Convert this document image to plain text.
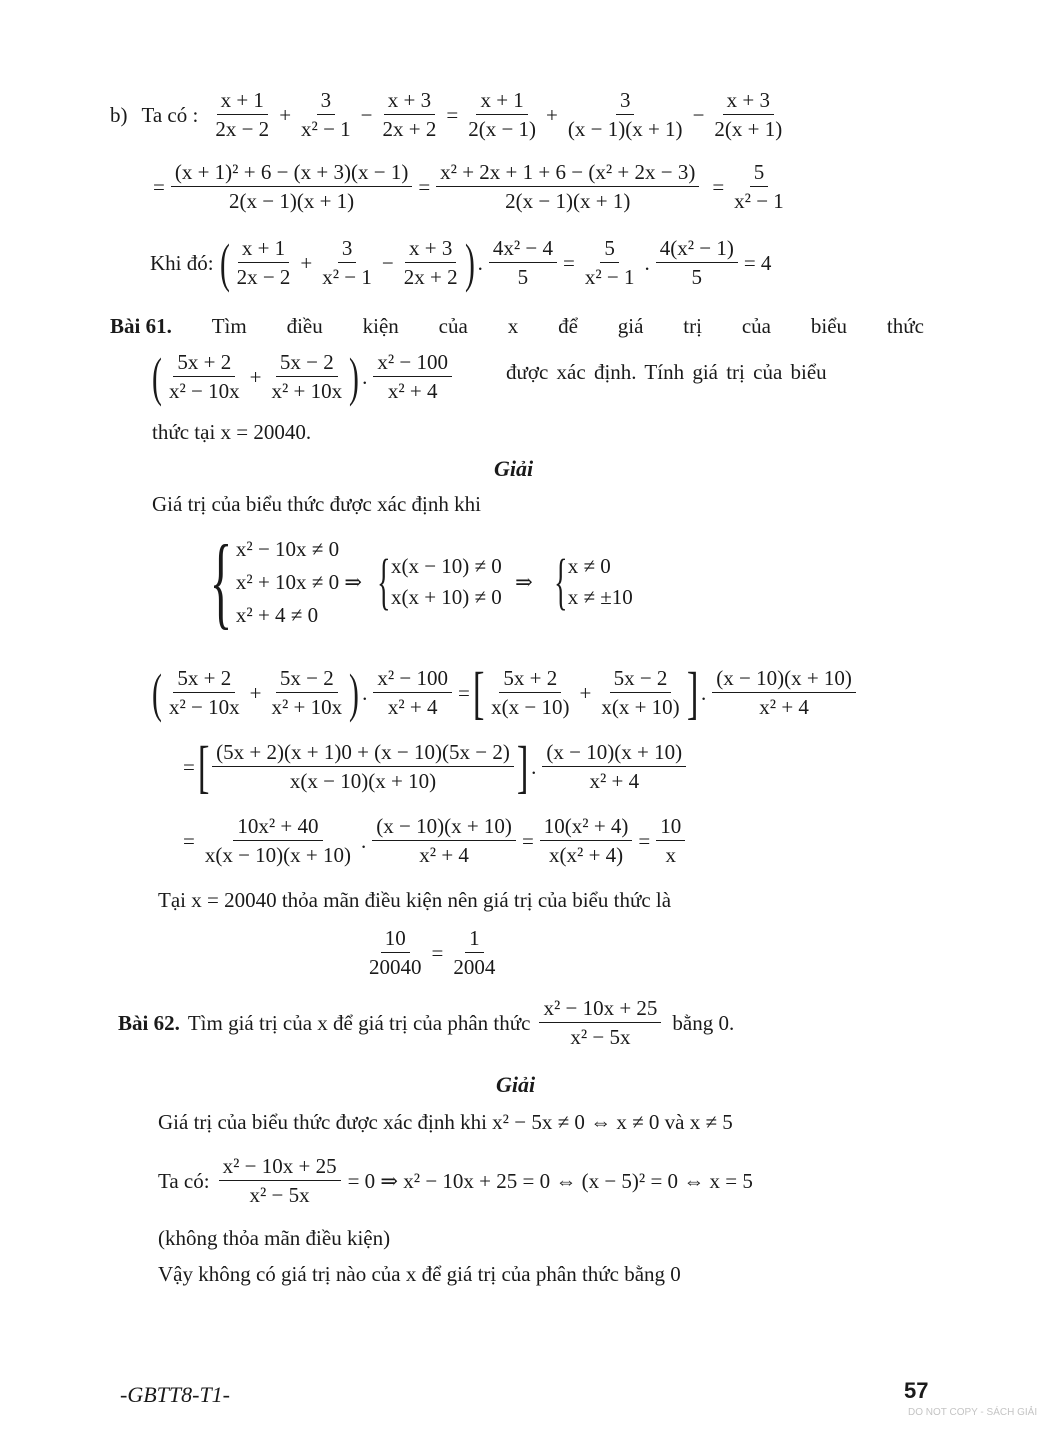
b) Ta có : $\frac{x + 1}{2x - 2} + \frac{3}{\text{x² − 1}} - \frac{x + 3}{2x + 2} = \frac{x + 1}{2(x - 1)} + \frac{3}{(x - 1)(x + 1)} - \frac{x + 3}{2(x + 1)}$
= $\frac{\text{(x + 1)² + 6 − (x + 3)(x − 1)}}{2(x - 1)(x + 1)} = \frac{\text{x² + 2x + 1 + 6 − (x² + 2x − 3)}}{2(x - 1)(x + 1)} = \frac{5}{\text{x² − 1}}$
Khi đó: ( $\frac{x + 1}{2x - 2} + \frac{3}{\text{x² − 1}} - \frac{x + 3}{2x + 2}$ ) . $\frac{\text{4x² − 4}}{5} = \frac{5}{\text{x² − 1}}$ . $\frac{\text{4(x² − 1)}}{5} = 4$
Bài 61. Tìm điều kiện của x để giá trị của biểu thức
( $\frac{5x + 2}{\text{x² − 10x}} + \frac{5x - 2}{\text{x² + 10x}}$ ) . $\frac{\text{x² − 100}}{\text{x² + 4}}$	được xác định. Tính giá trị của biểu
thức tại x = 20040.
Giải
Giá trị của biểu thức được xác định khi
{ x² − 10x ≠ 0
x² + 10x ≠ 0 ⇒
x² + 4 ≠ 0
{ x(x − 10) ≠ 0
x(x + 10) ≠ 0
⇒ { x ≠ 0
x ≠ ±10
( $\frac{5x + 2}{\text{x² − 10x}} + \frac{5x - 2}{\text{x² + 10x}}$ ) . $\frac{\text{x² − 100}}{\text{x² + 4}}$ = [ $\frac{5x + 2}{x(x - 10)} + \frac{5x - 2}{x(x + 10)}$ ] . $\frac{(x - 10)(x + 10)}{\text{x² + 4}}$
= [ $\frac{(5x + 2)(x + 1)0 + (x - 10)(5x - 2)}{x(x - 10)(x + 10)}$ ] . $\frac{(x - 10)(x + 10)}{\text{x² + 4}}$
= $\frac{\text{10x² + 40}}{x(x - 10)(x + 10)}$ . $\frac{(x - 10)(x + 10)}{\text{x² + 4}} = \frac{\text{10(x² + 4)}}{\text{x(x² + 4)}} = \frac{10}{x}$
Tại x = 20040 thỏa mãn điều kiện nên giá trị của biểu thức là
$\frac{10}{20040} = \frac{1}{2004}$
Bài 62. Tìm giá trị của x để giá trị của phân thức $\frac{\text{x² − 10x + 25}}{\text{x² − 5x}}$ bằng 0.
Giải
Giá trị của biểu thức được xác định khi x² − 5x ≠ 0 ⇔ x ≠ 0 và x ≠ 5
Ta có: $\frac{\text{x² − 10x + 25}}{\text{x² − 5x}} = 0$ ⇒ x² − 10x + 25 = 0 ⇔ (x − 5)² = 0 ⇔ x = 5
(không thỏa mãn điều kiện)
Vậy không có giá trị nào của x để giá trị của phân thức bằng 0
-GBTT8-T1-	57
DO NOT COPY - SÁCH GIẢI
